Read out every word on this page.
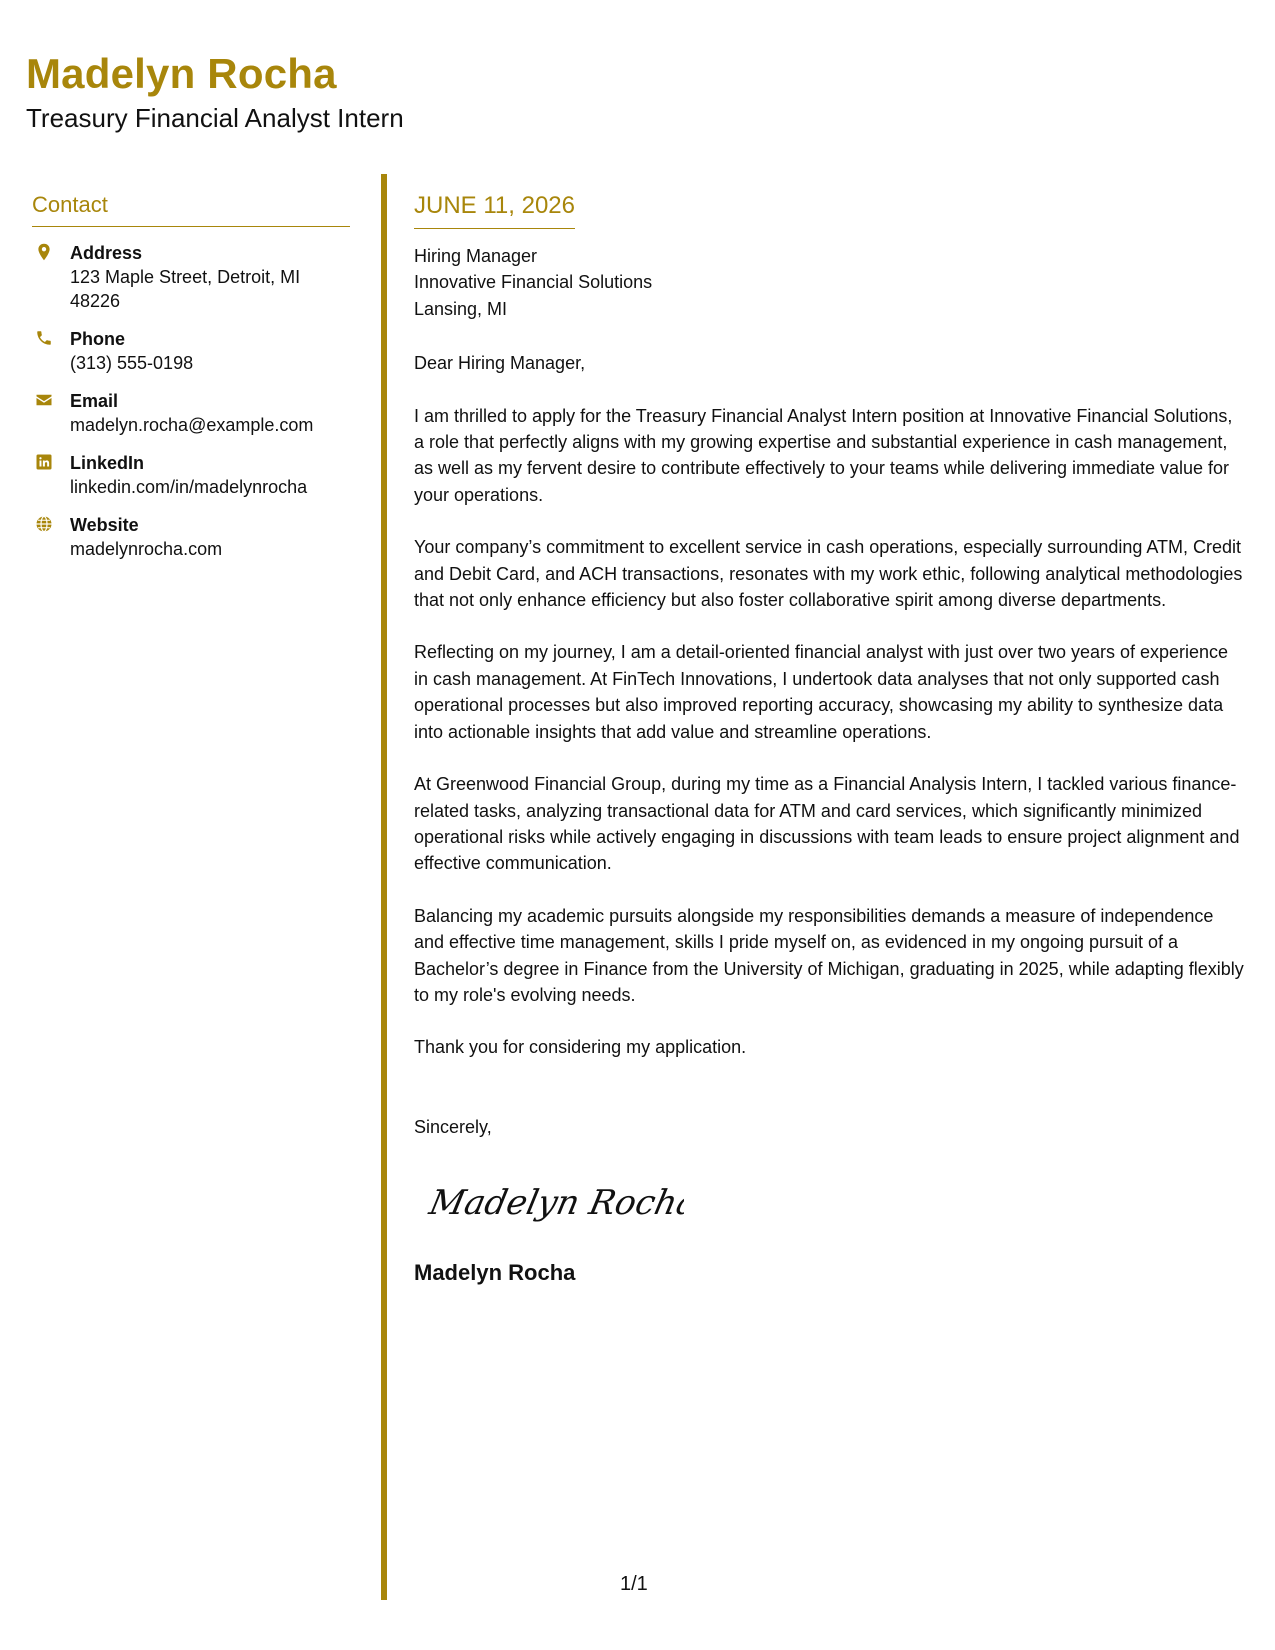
Madelyn Rocha
Treasury Financial Analyst Intern
Contact
Address
123 Maple Street, Detroit, MI 48226
Phone
(313) 555-0198
Email
madelyn.rocha@example.com
LinkedIn
linkedin.com/in/madelynrocha
Website
madelynrocha.com
JUNE 11, 2026
Hiring Manager
Innovative Financial Solutions
Lansing, MI
Dear Hiring Manager,

I am thrilled to apply for the Treasury Financial Analyst Intern position at Innovative Financial Solutions, a role that perfectly aligns with my growing expertise and substantial experience in cash management, as well as my fervent desire to contribute effectively to your teams while delivering immediate value for your operations.

Your company’s commitment to excellent service in cash operations, especially surrounding ATM, Credit and Debit Card, and ACH transactions, resonates with my work ethic, following analytical methodologies that not only enhance efficiency but also foster collaborative spirit among diverse departments.

Reflecting on my journey, I am a detail-oriented financial analyst with just over two years of experience in cash management. At FinTech Innovations, I undertook data analyses that not only supported cash operational processes but also improved reporting accuracy, showcasing my ability to synthesize data into actionable insights that add value and streamline operations.

At Greenwood Financial Group, during my time as a Financial Analysis Intern, I tackled various finance-related tasks, analyzing transactional data for ATM and card services, which significantly minimized operational risks while actively engaging in discussions with team leads to ensure project alignment and effective communication.

Balancing my academic pursuits alongside my responsibilities demands a measure of independence and effective time management, skills I pride myself on, as evidenced in my ongoing pursuit of a Bachelor’s degree in Finance from the University of Michigan, graduating in 2025, while adapting flexibly to my role's evolving needs.

Thank you for considering my application.

Sincerely,
Madelyn Rocha
Madelyn Rocha
1/1
